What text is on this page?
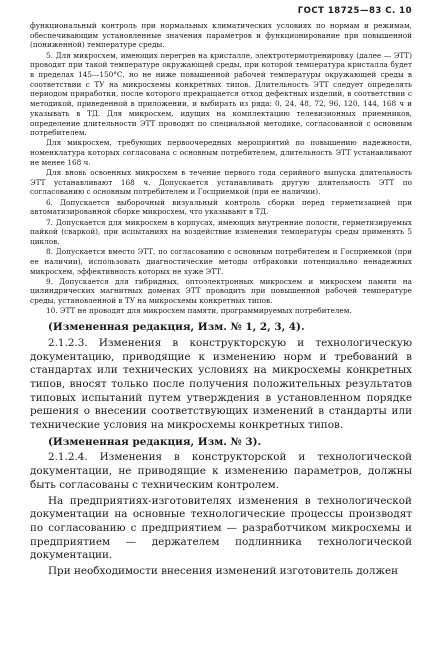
ГОСТ 18725—83 С. 10

функциональный контроль при нормальных климатических условиях по нормам и режимам, обеспечивающим установленные значения параметров и функционирование при повышенной (пониженной) температуре среды.

5. Для микросхем, имеющих перегрев на кристалле, электротермотренировку (далее — ЭТТ) проводят при такой температуре окружающей среды, при которой температура кристалла будет в пределах 145—150°С, но не ниже повышенной рабочей температуры окружающей среды в соответствии с ТУ на микросхемы конкретных типов. Длительность ЭТТ следует определять периодом приработки, после которого прекращается отход дефектных изделий, в соответствии с методикой, приведенной в приложении, и выбирать из ряда: 0, 24, 48, 72, 96, 120, 144, 168 ч и указывать в ТД. Для микросхем, идущих на комплектацию телевизионных приемников, определение длительности ЭТТ проводят по специальной методике, согласованной с основным потребителем.

Для микросхем, требующих первоочередных мероприятий по повышению надежности, номенклатура которых согласована с основным потребителем, длительность ЭТТ устанавливают не менее 168 ч.

Для вновь освоенных микросхем в течение первого года серийного выпуска длительность ЭТТ устанавливают 168 ч. Допускается устанавливать другую длительность ЭТТ по согласованию с основным потребителем и Госприемкой (при ее наличии).

6. Допускается выборочный визуальный контроль сборки перед герметизацией при автоматизированной сборке микросхем, что указывают в ТД.

7. Допускается для микросхем в корпусах, имеющих внутренние полости, герметизируемых пайкой (сваркой), при испытаниях на воздействие изменения температуры среды применять 5 циклов.

8. Допускается вместо ЭТТ, по согласованию с основным потребителем и Госприемкой (при ее наличии), использовать диагностические методы отбраковки потенциально ненадежных микросхем, эффективность которых не хуже ЭТТ.

9. Допускается для гибридных, оптоэлектронных микросхем и микросхем памяти на цилиндрических магнитных доменах ЭТТ проводить при повышенной рабочей температуре среды, установленной в ТУ на микросхемы конкретных типов.

10. ЭТТ не проводят для микросхем памяти, программируемых потребителем.

(Измененная редакция, Изм. № 1, 2, 3, 4).

2.1.2.3. Изменения в конструкторскую и технологическую документацию, приводящие к изменению норм и требований в стандартах или технических условиях на микросхемы конкретных типов, вносят только после получения положительных результатов типовых испытаний путем утверждения в установленном порядке решения о внесении соответствующих изменений в стандарты или технические условия на микросхемы конкретных типов.

(Измененная редакция, Изм. № 3).

2.1.2.4. Изменения в конструкторской и технологической документации, не приводящие к изменению параметров, должны быть согласованы с техническим контролем.

На предприятиях-изготовителях изменения в технологической документации на основные технологические процессы производят по согласованию с предприятием — разработчиком микросхемы и предприятием — держателем подлинника технологической документации.

При необходимости внесения изменений изготовитель должен
